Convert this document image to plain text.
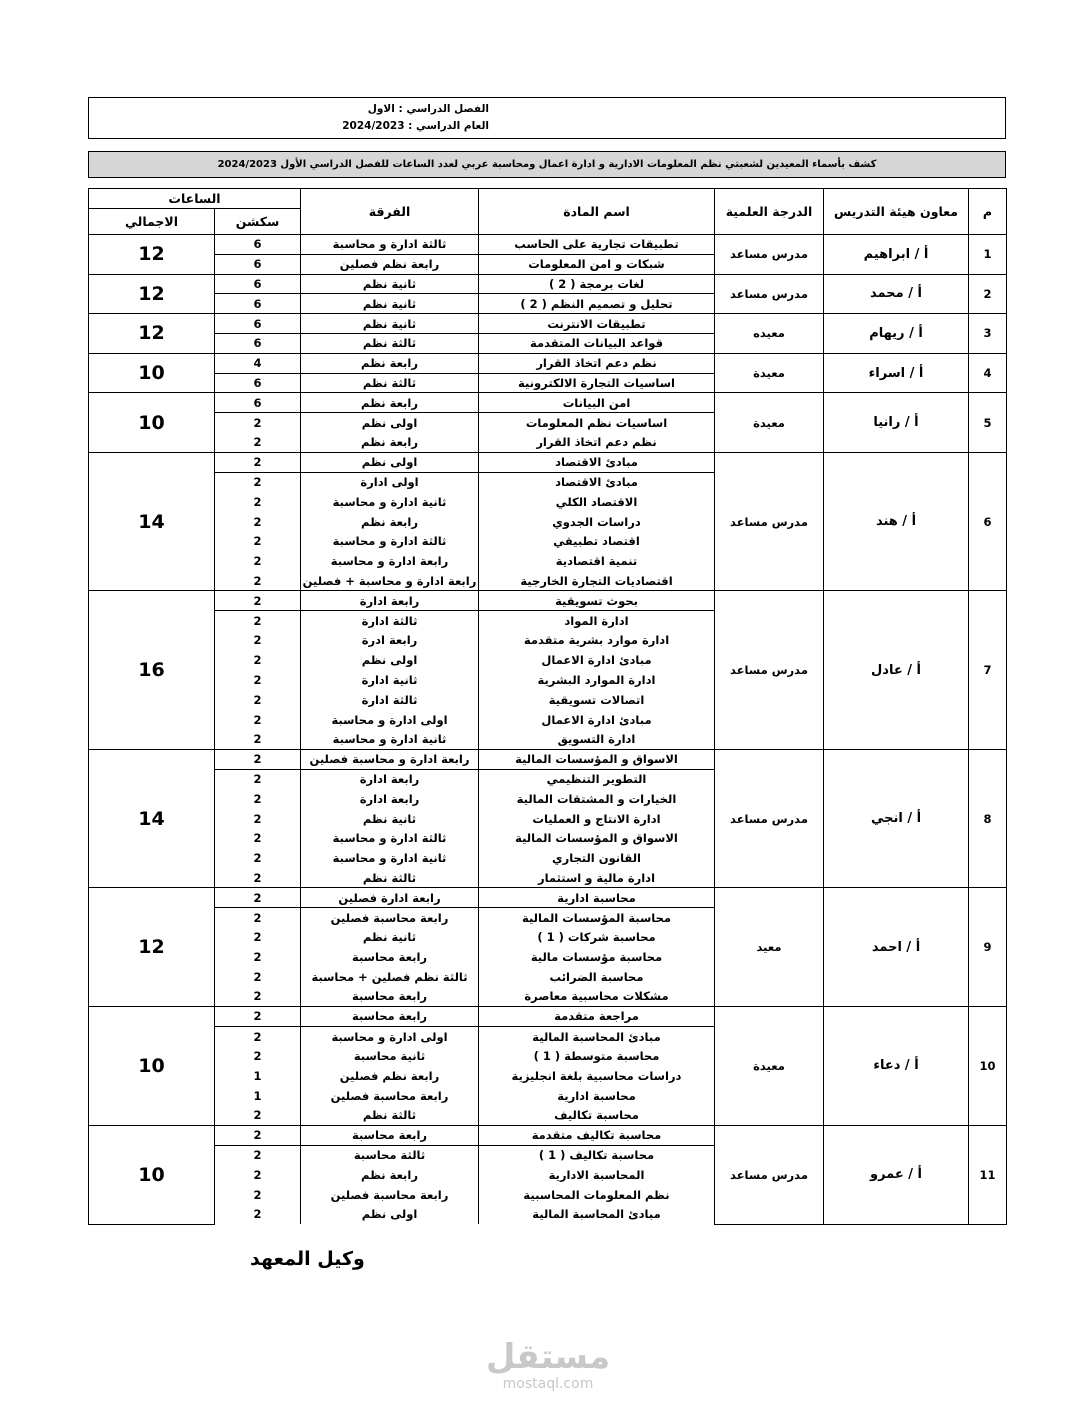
الفصل الدراسي : الاول
العام الدراسي : 2024/2023
كشف بأسماء المعيدين لشعبتي نظم المعلومات الادارية و ادارة اعمال ومحاسبة عربي لعدد الساعات للفصل الدراسي الأول 2024/2023
م	معاون هيئة التدريس	الدرجة العلمية	اسم المادة	الفرقة	الساعات	
					سكشن	الاجمالي
1	أ / ابراهيم	مدرس مساعد	تطبيقات تجارية على الحاسب	ثالثة ادارة و محاسبة	6	12
			شبكات و امن المعلومات	رابعة نظم فصلين	6	
2	أ / محمد	مدرس مساعد	لغات برمجة ( 2 )	ثانية نظم	6	12
			تحليل و تصميم النظم ( 2 )	ثانية نظم	6	
3	أ / ريهام	معيده	تطبيقات الانترنت	ثانية نظم	6	12
			قواعد البيانات المتقدمة	ثالثة نظم	6	
4	أ / اسراء	معيدة	نظم دعم اتخاذ القرار	رابعة نظم	4	10
			اساسيات التجارة الالكترونية	ثالثة نظم	6	
5	أ / رانيا	معيدة	امن البيانات	رابعة نظم	6	10
			اساسيات نظم المعلومات	اولى نظم	2	
			نظم دعم اتخاذ القرار	رابعة نظم	2	
6	أ / هند	مدرس مساعد	مبادئ الاقتصاد	اولى نظم	2	14
			مبادئ الاقتصاد	اولى ادارة	2	
			الاقتصاد الكلي	ثانية ادارة و محاسبة	2	
			دراسات الجدوي	رابعة نظم	2	
			اقتصاد تطبيقي	ثالثة ادارة و محاسبة	2	
			تنمية اقتصادية	رابعة ادارة و محاسبة	2	
			اقتصاديات التجارة الخارجية	رابعة ادارة و محاسبة + فصلين	2	
7	أ / عادل	مدرس مساعد	بحوث تسويقية	رابعة ادارة	2	16
			ادارة المواد	ثالثة ادارة	2	
			ادارة موارد بشرية متقدمة	رابعة ادرة	2	
			مبادئ ادارة الاعمال	اولى نظم	2	
			ادارة الموارد البشرية	ثانية ادارة	2	
			اتصالات تسويقية	ثالثة ادارة	2	
			مبادئ ادارة الاعمال	اولى ادارة و محاسبة	2	
			ادارة التسويق	ثانية ادارة و محاسبة	2	
8	أ / انجي	مدرس مساعد	الاسواق و المؤسسات المالية	رابعة ادارة و محاسبة فصلين	2	14
			التطوير التنظيمي	رابعة ادارة	2	
			الخيارات و المشتقات المالية	رابعة ادارة	2	
			ادارة الانتاج و العمليات	ثانية نظم	2	
			الاسواق و المؤسسات المالية	ثالثة ادارة و محاسبة	2	
			القانون التجاري	ثانية ادارة و محاسبة	2	
			ادارة مالية و استثمار	ثالثة نظم	2	
9	أ / احمد	معيد	محاسبة ادارية	رابعة ادارة فصلين	2	12
			محاسبة المؤسسات المالية	رابعة محاسبة فصلين	2	
			محاسبة شركات ( 1 )	ثانية نظم	2	
			محاسبة مؤسسات مالية	رابعة محاسبة	2	
			محاسبة الضرائب	ثالثة نظم فصلين + محاسبة	2	
			مشكلات محاسبية معاصرة	رابعة محاسبة	2	
10	أ / دعاء	معيدة	مراجعة متقدمة	رابعة محاسبة	2	10
			مبادئ المحاسبة المالية	اولى ادارة و محاسبة	2	
			محاسبة متوسطة ( 1 )	ثانية محاسبة	2	
			دراسات محاسبية بلغة انجليزية	رابعة نظم فصلين	1	
			محاسبة ادارية	رابعة محاسبة فصلين	1	
			محاسبة تكاليف	ثالثة نظم	2	
11	أ / عمرو	مدرس مساعد	محاسبة تكاليف متقدمة	رابعة محاسبة	2	10
			محاسبة تكاليف ( 1 )	ثالثة محاسبة	2	
			المحاسبة الادارية	رابعة نظم	2	
			نظم المعلومات المحاسبية	رابعة محاسبة فصلين	2	
			مبادئ المحاسبة المالية	اولى نظم	2	
وكيل المعهد
مستقل
mostaql.com
